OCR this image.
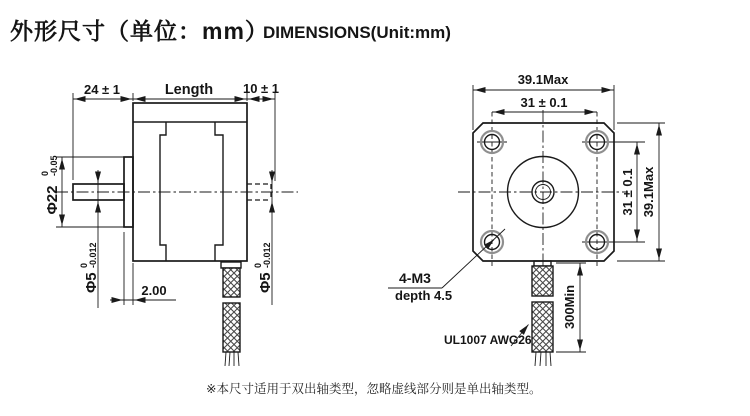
外形尺寸（单位：mm）
DIMENSIONS(Unit:mm)
24 ± 1	Length 10 ± 1
Φ22
0 -0.05
Φ5
0 -0.012
Φ5
0 -0.012
2.00
39.1Max
31 ± 0.1
31 ± 0.1 39.1Max
4-M3
depth 4.5
UL1007 AWG26
300Min
※本尺寸适用于双出轴类型，忽略虚线部分则是单出轴类型。
